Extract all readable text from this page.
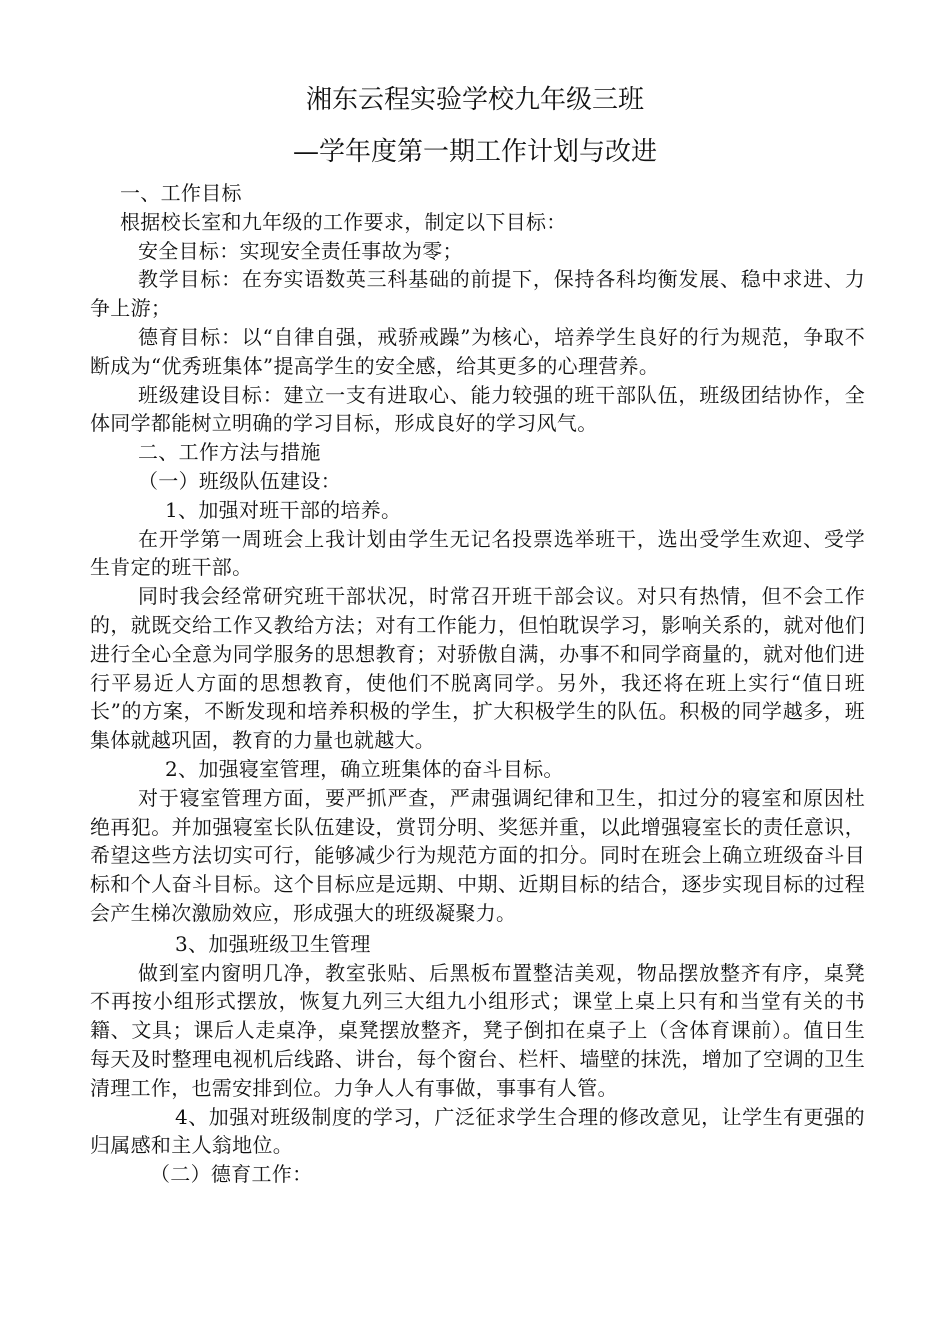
湘东云程实验学校九年级三班
—学年度第一期工作计划与改进

一、工作目标

根据校长室和九年级的工作要求，制定以下目标：

安全目标：实现安全责任事故为零；

教学目标：在夯实语数英三科基础的前提下，保持各科均衡发展、稳中求进、力争上游；

德育目标：以“自律自强，戒骄戒躁”为核心，培养学生良好的行为规范，争取不断成为“优秀班集体”提高学生的安全感，给其更多的心理营养。

班级建设目标：建立一支有进取心、能力较强的班干部队伍，班级团结协作，全体同学都能树立明确的学习目标，形成良好的学习风气。

二、工作方法与措施

（一）班级队伍建设：

1、加强对班干部的培养。

在开学第一周班会上我计划由学生无记名投票选举班干，选出受学生欢迎、受学生肯定的班干部。

同时我会经常研究班干部状况，时常召开班干部会议。对只有热情，但不会工作的，就既交给工作又教给方法；对有工作能力，但怕耽误学习，影响关系的，就对他们进行全心全意为同学服务的思想教育；对骄傲自满，办事不和同学商量的，就对他们进行平易近人方面的思想教育，使他们不脱离同学。另外，我还将在班上实行“值日班长”的方案，不断发现和培养积极的学生，扩大积极学生的队伍。积极的同学越多，班集体就越巩固，教育的力量也就越大。

2、加强寝室管理，确立班集体的奋斗目标。

对于寝室管理方面，要严抓严查，严肃强调纪律和卫生，扣过分的寝室和原因杜绝再犯。并加强寝室长队伍建设，赏罚分明、奖惩并重，以此增强寝室长的责任意识，希望这些方法切实可行，能够减少行为规范方面的扣分。同时在班会上确立班级奋斗目标和个人奋斗目标。这个目标应是远期、中期、近期目标的结合，逐步实现目标的过程会产生梯次激励效应，形成强大的班级凝聚力。

3、加强班级卫生管理

做到室内窗明几净，教室张贴、后黑板布置整洁美观，物品摆放整齐有序，桌凳不再按小组形式摆放，恢复九列三大组九小组形式；课堂上桌上只有和当堂有关的书籍、文具；课后人走桌净，桌凳摆放整齐，凳子倒扣在桌子上（含体育课前）。值日生每天及时整理电视机后线路、讲台，每个窗台、栏杆、墙壁的抹洗，增加了空调的卫生清理工作，也需安排到位。力争人人有事做，事事有人管。

4、加强对班级制度的学习，广泛征求学生合理的修改意见，让学生有更强的归属感和主人翁地位。

（二）德育工作：
